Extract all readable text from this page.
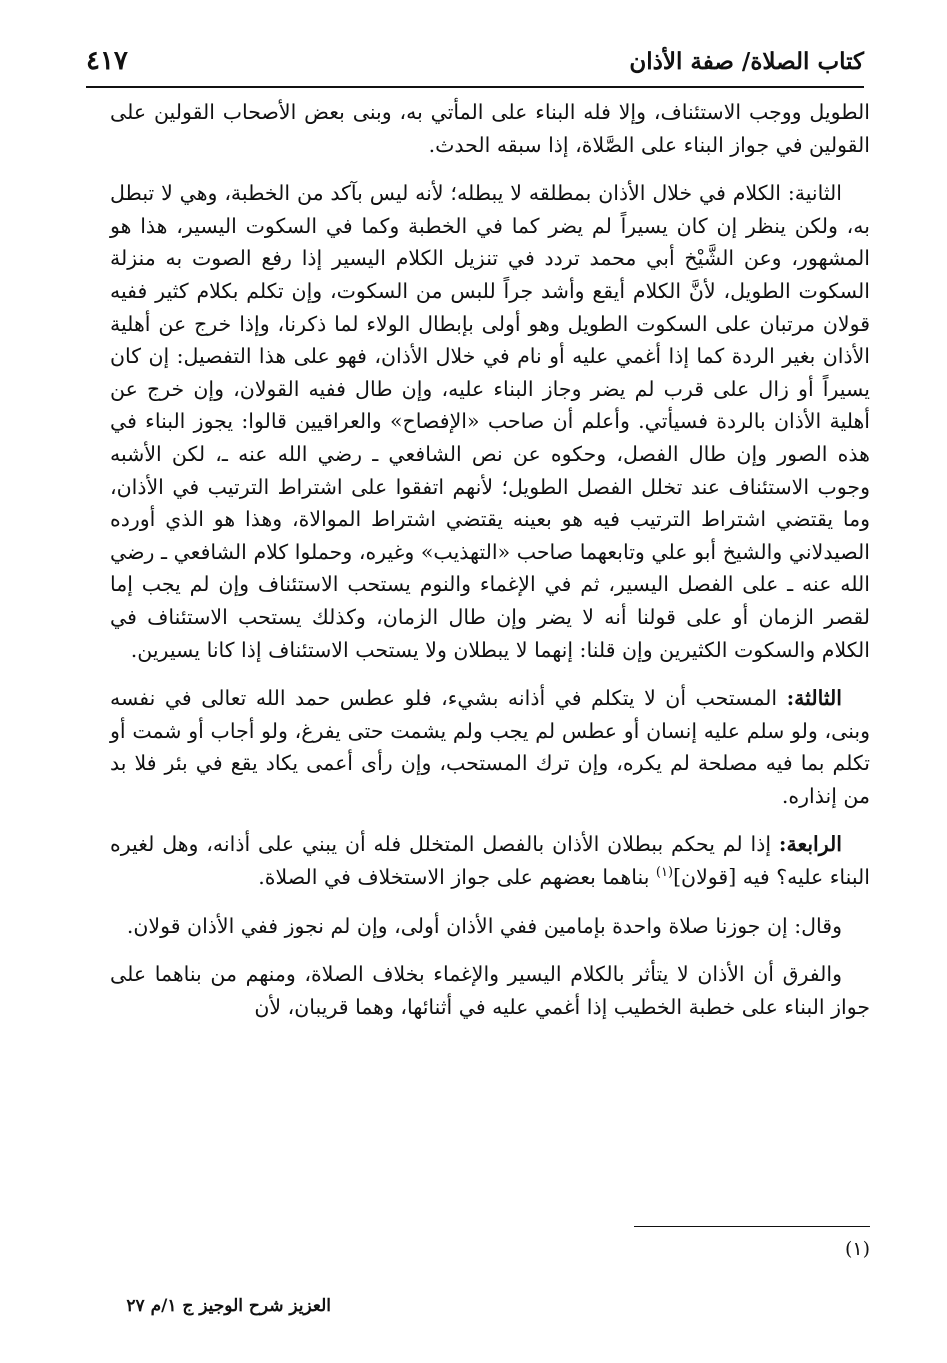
كتاب الصلاة/ صفة الأذان
٤١٧

الطويل ووجب الاستئناف، وإلا فله البناء على المأتي به، وبنى بعض الأصحاب القولين على القولين في جواز البناء على الصَّلاة، إذا سبقه الحدث.

الثانية: الكلام في خلال الأذان بمطلقه لا يبطله؛ لأنه ليس بآكد من الخطبة، وهي لا تبطل به، ولكن ينظر إن كان يسيراً لم يضر كما في الخطبة وكما في السكوت اليسير، هذا هو المشهور، وعن الشَّيْخ أبي محمد تردد في تنزيل الكلام اليسير إذا رفع الصوت به منزلة السكوت الطويل، لأنَّ الكلام أيقع وأشد جراً للبس من السكوت، وإن تكلم بكلام كثير ففيه قولان مرتبان على السكوت الطويل وهو أولى بإبطال الولاء لما ذكرنا، وإذا خرج عن أهلية الأذان بغير الردة كما إذا أغمي عليه أو نام في خلال الأذان، فهو على هذا التفصيل: إن كان يسيراً أو زال على قرب لم يضر وجاز البناء عليه، وإن طال ففيه القولان، وإن خرج عن أهلية الأذان بالردة فسيأتي. وأعلم أن صاحب «الإفصاح» والعراقيين قالوا: يجوز البناء في هذه الصور وإن طال الفصل، وحكوه عن نص الشافعي ـ رضي الله عنه ـ، لكن الأشبه وجوب الاستئناف عند تخلل الفصل الطويل؛ لأنهم اتفقوا على اشتراط الترتيب في الأذان، وما يقتضي اشتراط الترتيب فيه هو بعينه يقتضي اشتراط الموالاة، وهذا هو الذي أورده الصيدلاني والشيخ أبو علي وتابعهما صاحب «التهذيب» وغيره، وحملوا كلام الشافعي ـ رضي الله عنه ـ على الفصل اليسير، ثم في الإغماء والنوم يستحب الاستئناف وإن لم يجب إما لقصر الزمان أو على قولنا أنه لا يضر وإن طال الزمان، وكذلك يستحب الاستئناف في الكلام والسكوت الكثيرين وإن قلنا: إنهما لا يبطلان ولا يستحب الاستئناف إذا كانا يسيرين.

الثالثة: المستحب أن لا يتكلم في أذانه بشيء، فلو عطس حمد الله تعالى في نفسه وبنى، ولو سلم عليه إنسان أو عطس لم يجب ولم يشمت حتى يفرغ، ولو أجاب أو شمت أو تكلم بما فيه مصلحة لم يكره، وإن ترك المستحب، وإن رأى أعمى يكاد يقع في بئر فلا بد من إنذاره.

الرابعة: إذا لم يحكم ببطلان الأذان بالفصل المتخلل فله أن يبني على أذانه، وهل لغيره البناء عليه؟ فيه [قولان]$^{(١)}$ بناهما بعضهم على جواز الاستخلاف في الصلاة.

وقال: إن جوزنا صلاة واحدة بإمامين ففي الأذان أولى، وإن لم نجوز ففي الأذان قولان.

والفرق أن الأذان لا يتأثر بالكلام اليسير والإغماء بخلاف الصلاة، ومنهم من بناهما على جواز البناء على خطبة الخطيب إذا أغمي عليه في أثنائها، وهما قريبان، لأن

(١)
العزيز شرح الوجيز ج ١/م ٢٧
